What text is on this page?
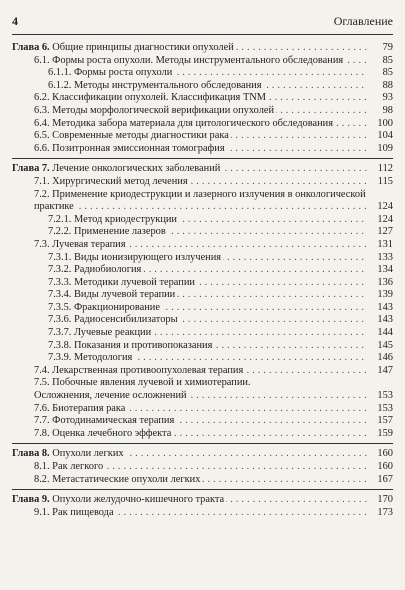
4	Оглавление
Глава 6. Общие принципы диагностики опухолей . . .	79
6.1. Формы роста опухоли. Методы инструментального обследования . . .	85
6.1.1. Формы роста опухоли . . .	85
6.1.2. Методы инструментального обследования . . .	88
6.2. Классификации опухолей. Классификация TNM . . .	93
6.3. Методы морфологической верификации опухолей . . .	98
6.4. Методика забора материала для цитологического обследования . . .	100
6.5. Современные методы диагностики рака . . .	104
6.6. Позитронная эмиссионная томография . . .	109
Глава 7. Лечение онкологических заболеваний . . .	112
7.1. Хирургический метод лечения . . .	115
7.2. Применение криодеструкции и лазерного излучения в онкологической практике . . .	124
7.2.1. Метод криодеструкции . . .	124
7.2.2. Применение лазеров . . .	127
7.3. Лучевая терапия . . .	131
7.3.1. Виды ионизирующего излучения . . .	133
7.3.2. Радиобиология . . .	134
7.3.3. Методики лучевой терапии . . .	136
7.3.4. Виды лучевой терапии . . .	139
7.3.5. Фракционирование . . .	143
7.3.6. Радиосенсибилизаторы . . .	143
7.3.7. Лучевые реакции . . .	144
7.3.8. Показания и противопоказания . . .	145
7.3.9. Методология . . .	146
7.4. Лекарственная противоопухолевая терапия . . .	147
7.5. Побочные явления лучевой и химиотерапии.
Осложнения, лечение осложнений . . .	153
7.6. Биотерапия рака . . .	153
7.7. Фотодинамическая терапия . . .	157
7.8. Оценка лечебного эффекта . . .	159
Глава 8. Опухоли легких . . .	160
8.1. Рак легкого . . .	160
8.2. Метастатические опухоли легких . . .	167
Глава 9. Опухоли желудочно-кишечного тракта . . .	170
9.1. Рак пищевода . . .	173
